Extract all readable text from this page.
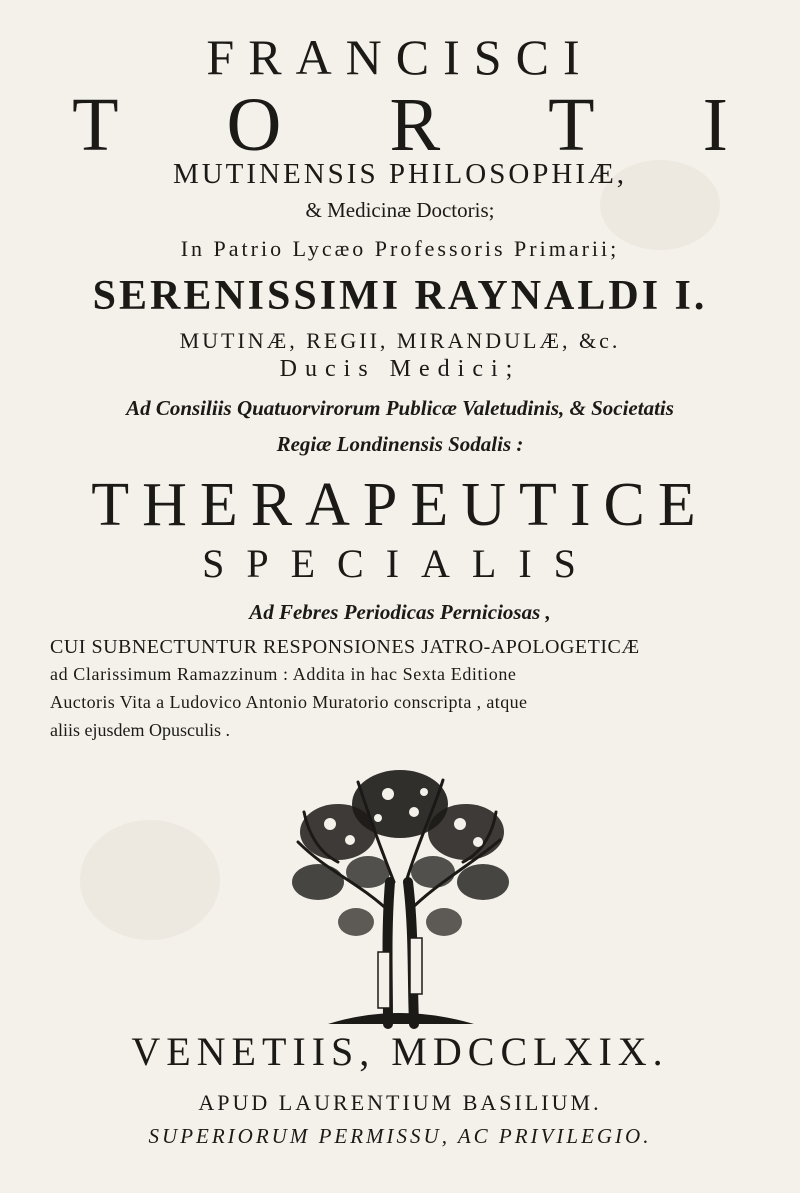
FRANCISCI
T O R T I
MUTINENSIS PHILOSOPHIÆ,
& Medicinæ Doctoris;
In Patrio Lycæo Professoris Primarii;
SERENISSIMI RAYNALDI I.
MUTINÆ, REGII, MIRANDULÆ, &c.
Ducis Medici;
Ad Consiliis Quatuorvirorum Publicæ Valetudinis, & Societatis
Regiæ Londinensis Sodalis :
THERAPEUTICE
SPECIALIS
Ad Febres Periodicas Perniciosas ,
CUI SUBNECTUNTUR RESPONSIONES JATRO-APOLOGETICÆ
ad Clarissimum Ramazzinum : Addita in hac Sexta Editione
Auctoris Vita a Ludovico Antonio Muratorio conscripta , atque
aliis ejusdem Opusculis .
VENETIIS, MDCCLXIX.
APUD LAURENTIUM BASILIUM.
SUPERIORUM PERMISSU, AC PRIVILEGIO.
